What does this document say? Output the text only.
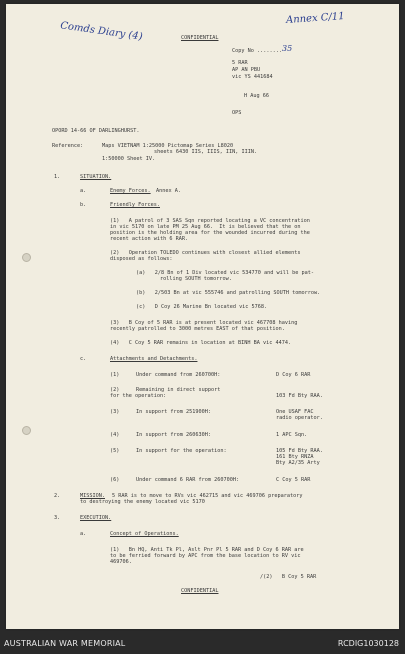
Comds Diary (4)
Annex C/11
35
CONFIDENTIAL
Copy No ........
5 RAR
AP AN PBU
vic YS 441684
H Aug 66
OPS
OPORD 14-66 OF DARLINGHURST.
Reference:	Maps VIETNAM 1:25000 Pictomap Series L8020
sheets 6430 IIS, IIIS, IIN, IIIN.
1:50000 Sheet IV.
1.	SITUATION.
a.	Enemy Forces. Annex A.
b.	Friendly Forces.
(1)   A patrol of 3 SAS Sqn reported locating a VC concentration
in vic 5170 on late PM 25 Aug 66.  It is believed that the on
position is the holding area for the wounded incurred during the
recent action with 6 RAR.
(2)   Operation TOLEDO continues with closest allied elements
disposed as follows:
(a)   2/8 Bn of 1 Div located vic 534770 and will be pat-
rolling SOUTH tomorrow.
(b)   2/503 Bn at vic 555746 and patrolling SOUTH tomorrow.
(c)   D Coy 26 Marine Bn located vic 5768.
(3)   B Coy of 5 RAR is at present located vic 467708 having
recently patrolled to 3000 metres EAST of that position.
(4)   C Coy 5 RAR remains in location at BINH BA vic 4474.
c.	Attachments and Detachments.
(1)	Under command from 260700H:	D Coy 6 RAR
(2)	Remaining in direct support
for the operation:	103 Fd Bty RAA.
(3)	In support from 251900H:	One USAF FAC
radio operator.
(4)	In support from 260630H:	1 APC Sqn.
(5)	In support for the operation:	105 Fd Bty RAA.
161 Bty RNZA
Bty A2/35 Arty
(6)	Under command 6 RAR from 260700H:	C Coy 5 RAR
2.	MISSION. 5 RAR is to move to RVs vic 462715 and vic 469706 preparatory
to destroying the enemy located vic 5170
3.	EXECUTION.
a.	Concept of Operations.
(1)   Bn HQ, Anti Tk Pl, Aslt Pnr Pl 5 RAR and D Coy 6 RAR are
to be ferried forward by APC from the base location to RV vic
469706.
/(2)   B Coy 5 RAR
CONFIDENTIAL
AUSTRALIAN WAR MEMORIAL	RCDIG1030128
